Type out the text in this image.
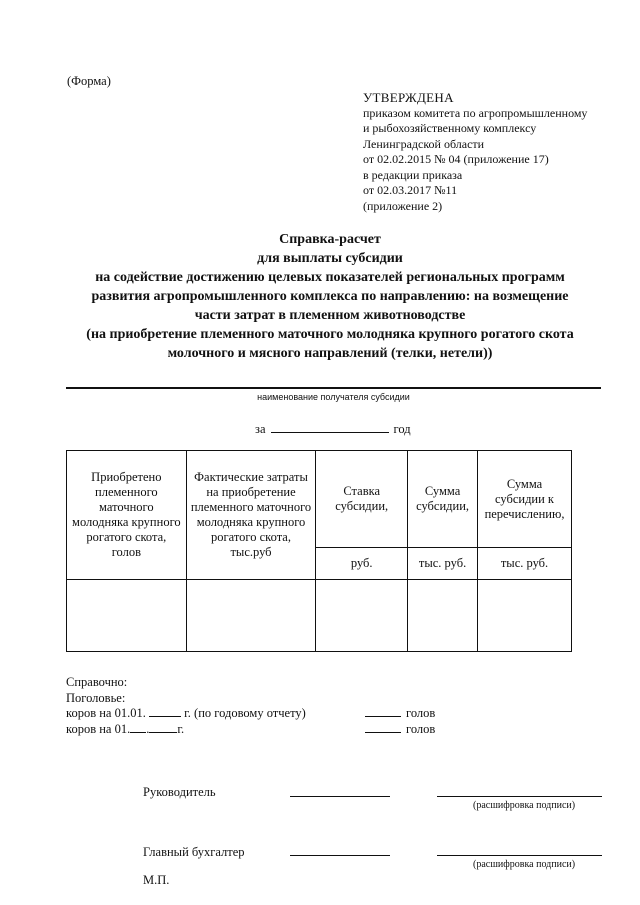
(Форма)
УТВЕРЖДЕНА
приказом комитета по агропромышленному
и рыбохозяйственному комплексу
Ленинградской области
от 02.02.2015 № 04 (приложение 17)
в редакции приказа
от 02.03.2017 №11
(приложение 2)
Справка-расчет
для выплаты субсидии
на содействие достижению целевых показателей региональных программ
развития агропромышленного комплекса по направлению: на возмещение
части затрат в племенном животноводстве
(на приобретение племенного маточного молодняка крупного рогатого скота
молочного и мясного направлений (телки, нетели))
наименование получателя субсидии
за	год
Приобретено племенного маточного молодняка крупного рогатого скота, голов	Фактические затраты на приобретение племенного маточного молодняка крупного рогатого скота, тыс.руб	Ставка субсидии,	Сумма субсидии,	Сумма субсидии к перечислению,
		руб.	тыс. руб.	тыс. руб.

Справочно:
Поголовье:
коров на 01.01.	г. (по годовому отчету)
коров на 01. . г.
голов
голов
Руководитель
(расшифровка подписи)
Главный бухгалтер
(расшифровка подписи)
М.П.
